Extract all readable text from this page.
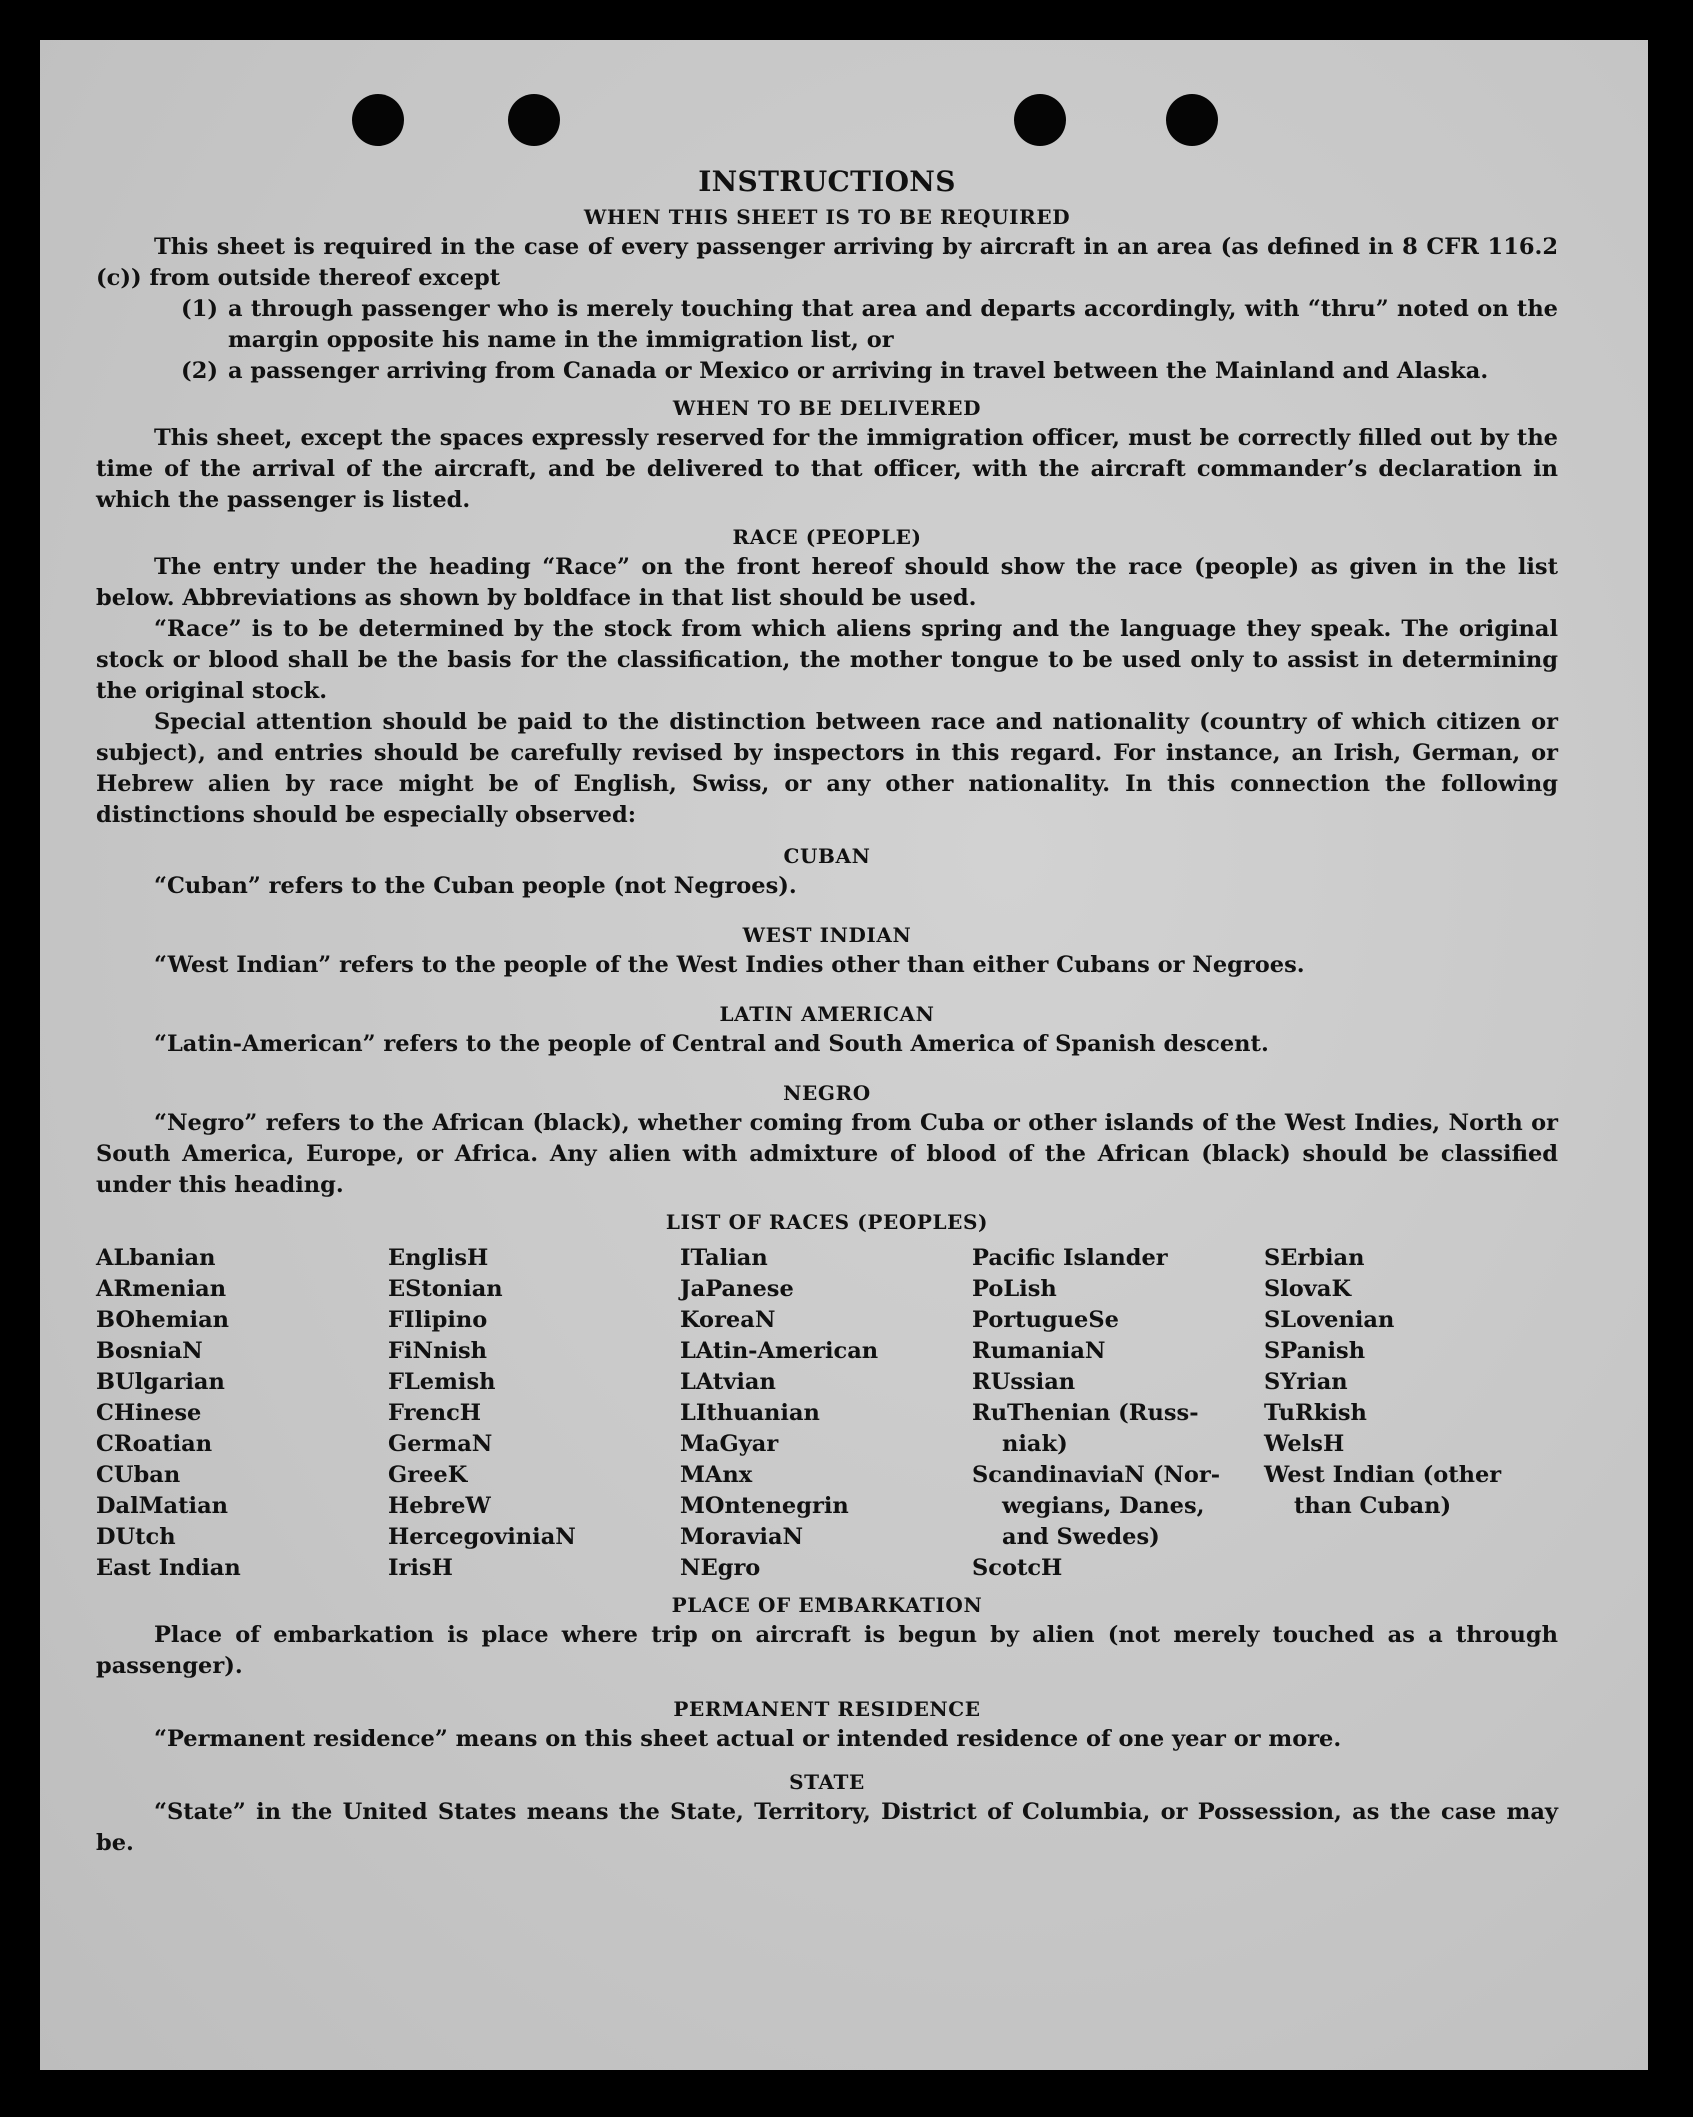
INSTRUCTIONS
WHEN THIS SHEET IS TO BE REQUIRED

This sheet is required in the case of every passenger arriving by aircraft in an area (as defined in 8 CFR 116.2 (c)) from outside thereof except

(1) a through passenger who is merely touching that area and departs accordingly, with “thru” noted on the margin opposite his name in the immigration list, or
(2) a passenger arriving from Canada or Mexico or arriving in travel between the Mainland and Alaska.
WHEN TO BE DELIVERED

This sheet, except the spaces expressly reserved for the immigration officer, must be correctly filled out by the time of the arrival of the aircraft, and be delivered to that officer, with the aircraft commander’s declaration in which the passenger is listed.

RACE (PEOPLE)

The entry under the heading “Race” on the front hereof should show the race (people) as given in the list below. Abbreviations as shown by boldface in that list should be used.

“Race” is to be determined by the stock from which aliens spring and the language they speak. The original stock or blood shall be the basis for the classification, the mother tongue to be used only to assist in determining the original stock.

Special attention should be paid to the distinction between race and nationality (country of which citizen or subject), and entries should be carefully revised by inspectors in this regard. For instance, an Irish, German, or Hebrew alien by race might be of English, Swiss, or any other nationality. In this connection the following distinctions should be especially observed:

CUBAN

“Cuban” refers to the Cuban people (not Negroes).

WEST INDIAN

“West Indian” refers to the people of the West Indies other than either Cubans or Negroes.

LATIN AMERICAN

“Latin-American” refers to the people of Central and South America of Spanish descent.

NEGRO

“Negro” refers to the African (black), whether coming from Cuba or other islands of the West Indies, North or South America, Europe, or Africa. Any alien with admixture of blood of the African (black) should be classified under this heading.

LIST OF RACES (PEOPLES)
ALbanian
ARmenian
BOhemian
BosniaN
BUlgarian
CHinese
CRoatian
CUban
DalMatian
DUtch
East Indian
EnglisH
EStonian
FIlipino
FiNnish
FLemish
FrencH
GermaN
GreeK
HebreW
HercegoviniaN
IrisH
ITalian
JaPanese
KoreaN
LAtin-American
LAtvian
LIthuanian
MaGyar
MAnx
MOntenegrin
MoraviaN
NEgro
Pacific Islander
PoLish
PortugueSe
RumaniaN
RUssian
RuThenian (Russ-
niak)
ScandinaviaN (Nor-
wegians, Danes,
and Swedes)
ScotcH
SErbian
SlovaK
SLovenian
SPanish
SYrian
TuRkish
WelsH
West Indian (other
than Cuban)
PLACE OF EMBARKATION

Place of embarkation is place where trip on aircraft is begun by alien (not merely touched as a through passenger).

PERMANENT RESIDENCE

“Permanent residence” means on this sheet actual or intended residence of one year or more.

STATE

“State” in the United States means the State, Territory, District of Columbia, or Possession, as the case may be.
